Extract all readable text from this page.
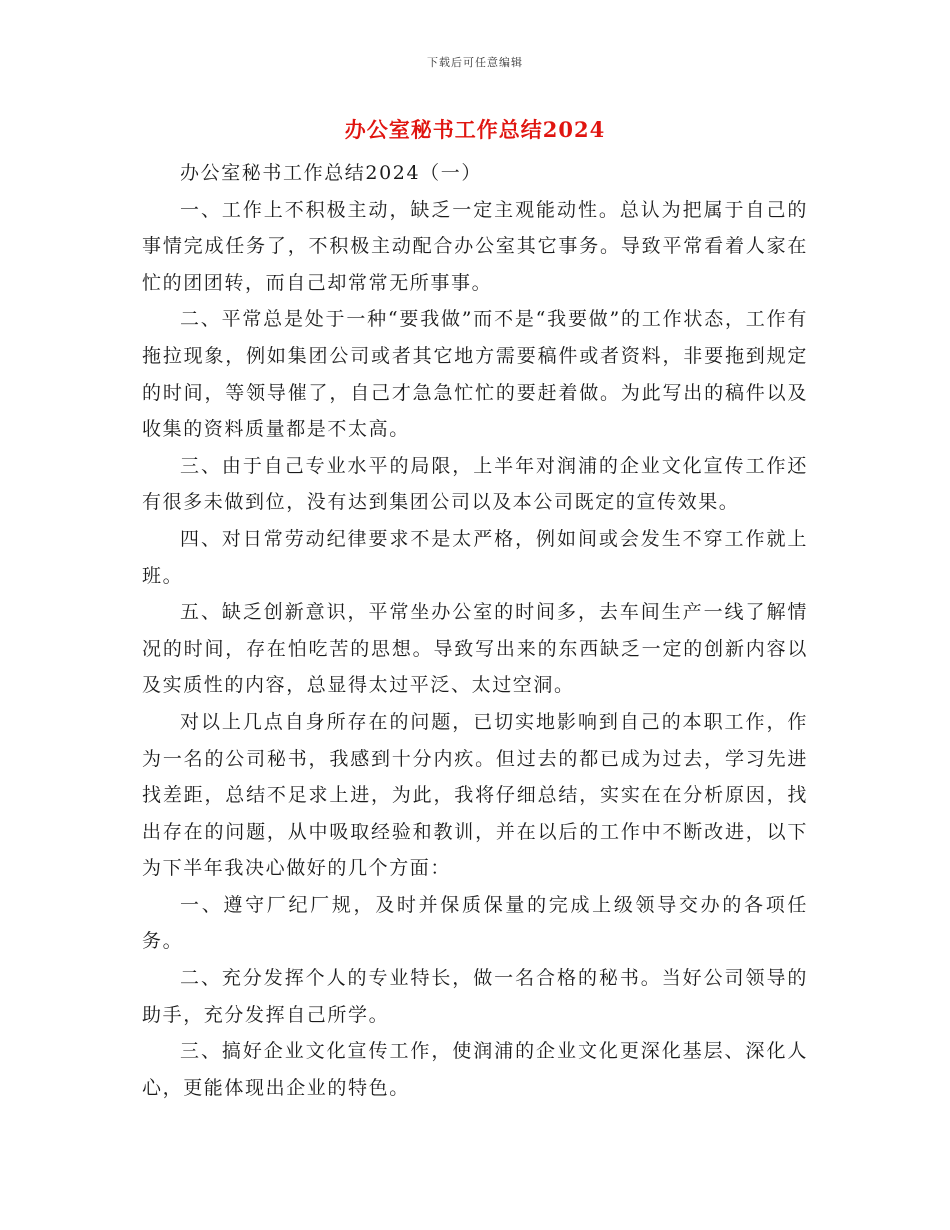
下载后可任意编辑
办公室秘书工作总结2024

办公室秘书工作总结2024（一）

一、工作上不积极主动，缺乏一定主观能动性。总认为把属于自己的事情完成任务了，不积极主动配合办公室其它事务。导致平常看着人家在忙的团团转，而自己却常常无所事事。

二、平常总是处于一种“要我做”而不是“我要做”的工作状态，工作有拖拉现象，例如集团公司或者其它地方需要稿件或者资料，非要拖到规定的时间，等领导催了，自己才急急忙忙的要赶着做。为此写出的稿件以及收集的资料质量都是不太高。

三、由于自己专业水平的局限，上半年对润浦的企业文化宣传工作还有很多未做到位，没有达到集团公司以及本公司既定的宣传效果。

四、对日常劳动纪律要求不是太严格，例如间或会发生不穿工作就上班。

五、缺乏创新意识，平常坐办公室的时间多，去车间生产一线了解情况的时间，存在怕吃苦的思想。导致写出来的东西缺乏一定的创新内容以及实质性的内容，总显得太过平泛、太过空洞。

对以上几点自身所存在的问题，已切实地影响到自己的本职工作，作为一名的公司秘书，我感到十分内疚。但过去的都已成为过去，学习先进找差距，总结不足求上进，为此，我将仔细总结，实实在在分析原因，找出存在的问题，从中吸取经验和教训，并在以后的工作中不断改进，以下为下半年我决心做好的几个方面：

一、遵守厂纪厂规，及时并保质保量的完成上级领导交办的各项任务。

二、充分发挥个人的专业特长，做一名合格的秘书。当好公司领导的助手，充分发挥自己所学。

三、搞好企业文化宣传工作，使润浦的企业文化更深化基层、深化人心，更能体现出企业的特色。
